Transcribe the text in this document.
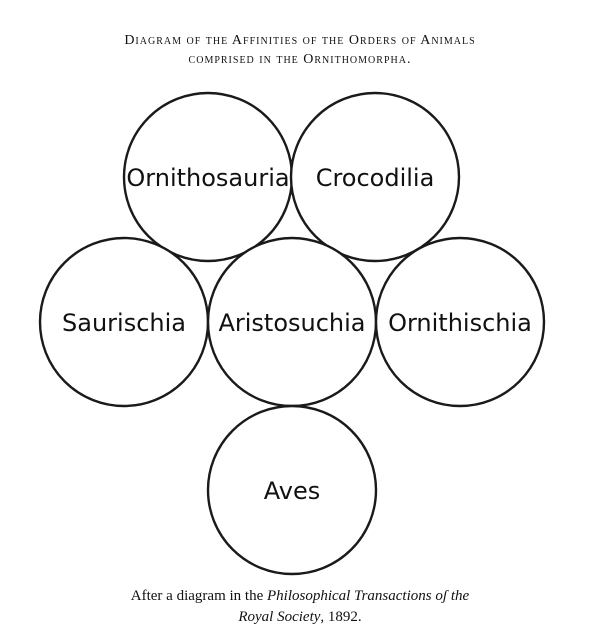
Diagram of the Affinities of the Orders of Animals
comprised in the Ornithomorpha.
Ornithosauria Crocodilia
Saurischia Aristosuchia Ornithischia
Aves
After a diagram in the Philosophical Transactions oʃ the
Royal Society, 1892.
